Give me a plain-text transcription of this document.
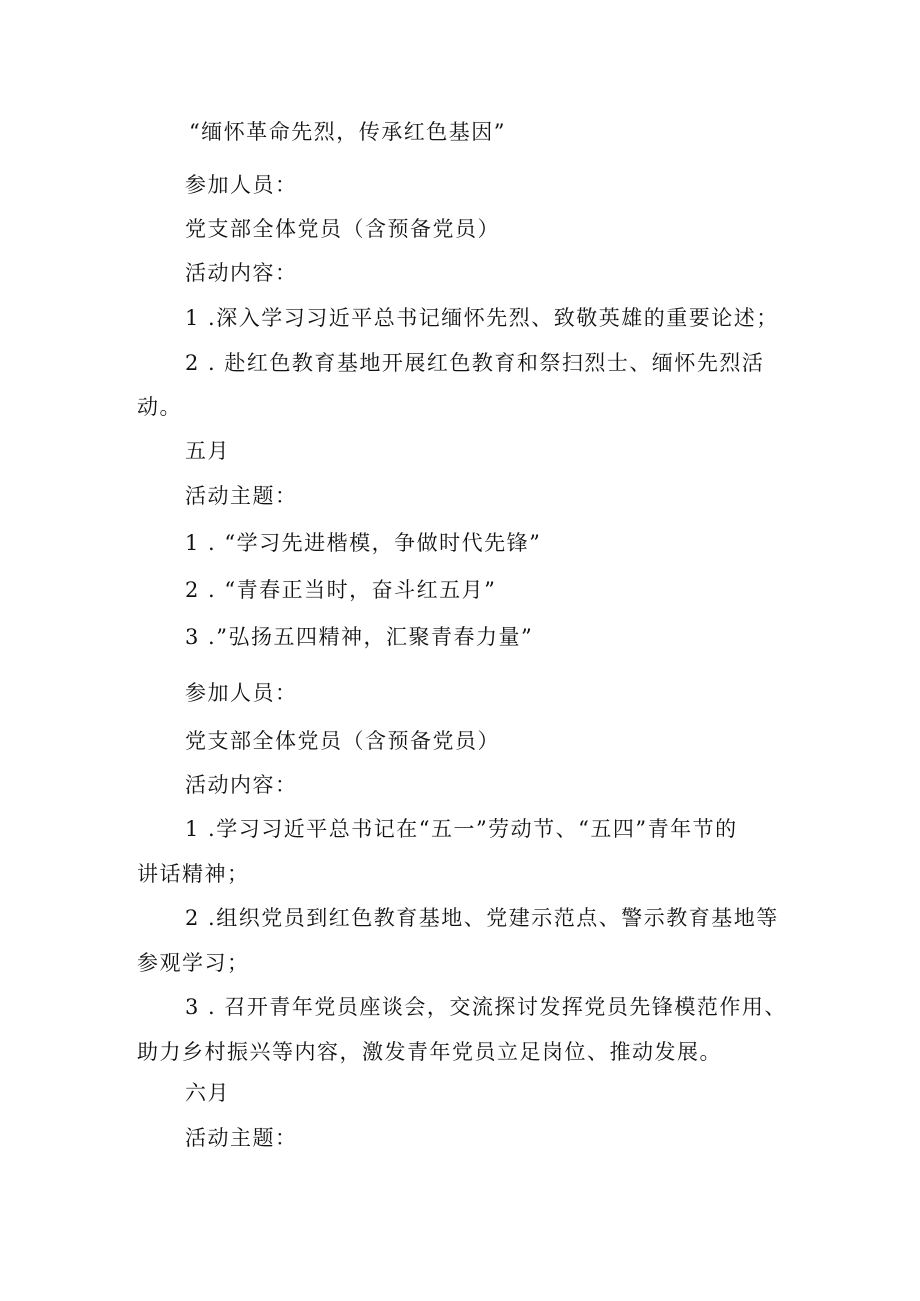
“缅怀革命先烈，传承红色基因”
参加人员：
党支部全体党员（含预备党员）
活动内容：
1 .深入学习习近平总书记缅怀先烈、致敬英雄的重要论述；
2 . 赴红色教育基地开展红色教育和祭扫烈士、缅怀先烈活
动。
五月
活动主题：
1 . “学习先进楷模，争做时代先锋”
2 . “青春正当时，奋斗红五月”
3 .”弘扬五四精神，汇聚青春力量”
参加人员：
党支部全体党员（含预备党员）
活动内容：
1 .学习习近平总书记在“五一”劳动节、“五四”青年节的
讲话精神；
2 .组织党员到红色教育基地、党建示范点、警示教育基地等
参观学习；
3 . 召开青年党员座谈会，交流探讨发挥党员先锋模范作用、
助力乡村振兴等内容，激发青年党员立足岗位、推动发展。
六月
活动主题：
